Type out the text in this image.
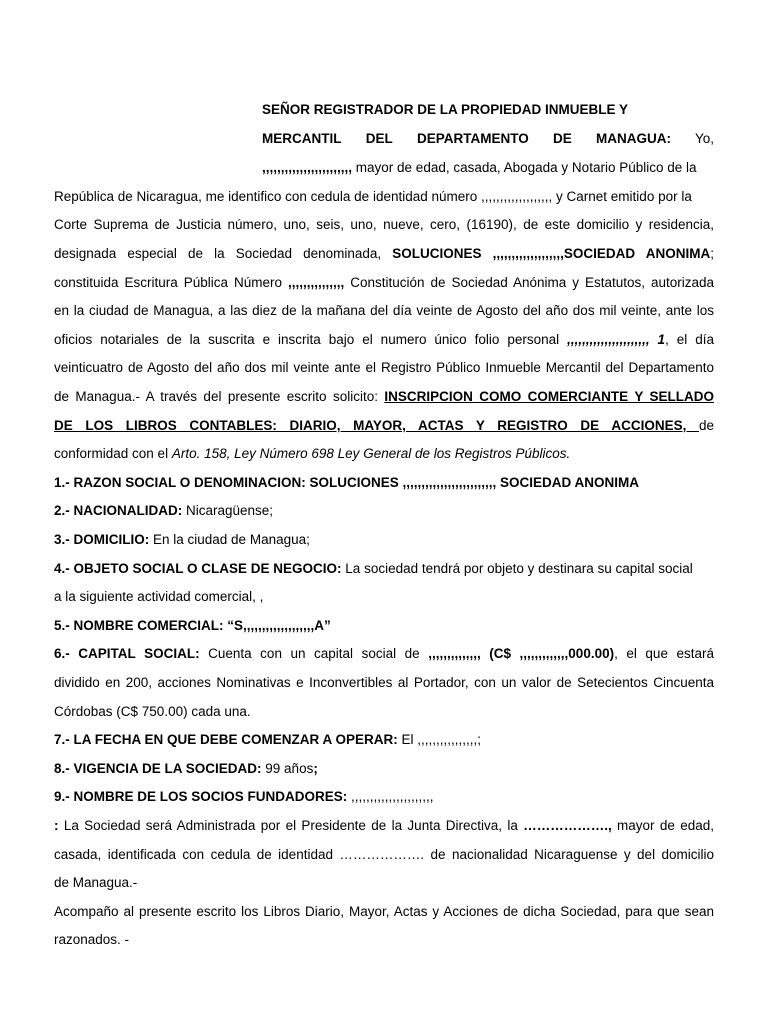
SEÑOR REGISTRADOR DE LA PROPIEDAD INMUEBLE Y
MERCANTIL DEL DEPARTAMENTO DE MANAGUA: Yo,
,,,,,,,,,,,,,,,,,,,,,,,, mayor de edad, casada, Abogada y Notario Público de la
República de Nicaragua, me identifico con cedula de identidad número ,,,,,,,,,,,,,,,,,,, y Carnet emitido por la
Corte Suprema de Justicia número, uno, seis, uno, nueve, cero, (16190), de este domicilio y residencia,
designada especial de la Sociedad denominada, SOLUCIONES ,,,,,,,,,,,,,,,,,,,SOCIEDAD ANONIMA;
constituida Escritura Pública Número ,,,,,,,,,,,,,,, Constitución de Sociedad Anónima y Estatutos, autorizada
en la ciudad de Managua, a las diez de la mañana del día veinte de Agosto del año dos mil veinte, ante los
oficios notariales de la suscrita e inscrita bajo el numero único folio personal ,,,,,,,,,,,,,,,,,,,,,, 1, el día
veinticuatro de Agosto del año dos mil veinte ante el Registro Público Inmueble Mercantil del Departamento
de Managua.- A través del presente escrito solicito: INSCRIPCION COMO COMERCIANTE Y SELLADO
DE LOS LIBROS CONTABLES: DIARIO, MAYOR, ACTAS Y REGISTRO DE ACCIONES, de
conformidad con el Arto. 158, Ley Número 698 Ley General de los Registros Públicos.
1.- RAZON SOCIAL O DENOMINACION: SOLUCIONES ,,,,,,,,,,,,,,,,,,,,,,,,, SOCIEDAD ANONIMA
2.- NACIONALIDAD: Nicaragüense;
3.- DOMICILIO: En la ciudad de Managua;
4.- OBJETO SOCIAL O CLASE DE NEGOCIO: La sociedad tendrá por objeto y destinara su capital social
a la siguiente actividad comercial, ,
5.- NOMBRE COMERCIAL: “S,,,,,,,,,,,,,,,,,,,A”
6.- CAPITAL SOCIAL: Cuenta con un capital social de ,,,,,,,,,,,,,, (C$ ,,,,,,,,,,,,,000.00), el que estará
dividido en 200, acciones Nominativas e Inconvertibles al Portador, con un valor de Setecientos Cincuenta
Córdobas (C$ 750.00) cada una.
7.- LA FECHA EN QUE DEBE COMENZAR A OPERAR: El ,,,,,,,,,,,,,,,,;
8.- VIGENCIA DE LA SOCIEDAD: 99 años;
9.- NOMBRE DE LOS SOCIOS FUNDADORES: ,,,,,,,,,,,,,,,,,,,,,,
: La Sociedad será Administrada por el Presidente de la Junta Directiva, la ………………., mayor de edad,
casada, identificada con cedula de identidad ………………. de nacionalidad Nicaraguense y del domicilio
de Managua.-
Acompaño al presente escrito los Libros Diario, Mayor, Actas y Acciones de dicha Sociedad, para que sean
razonados. -
